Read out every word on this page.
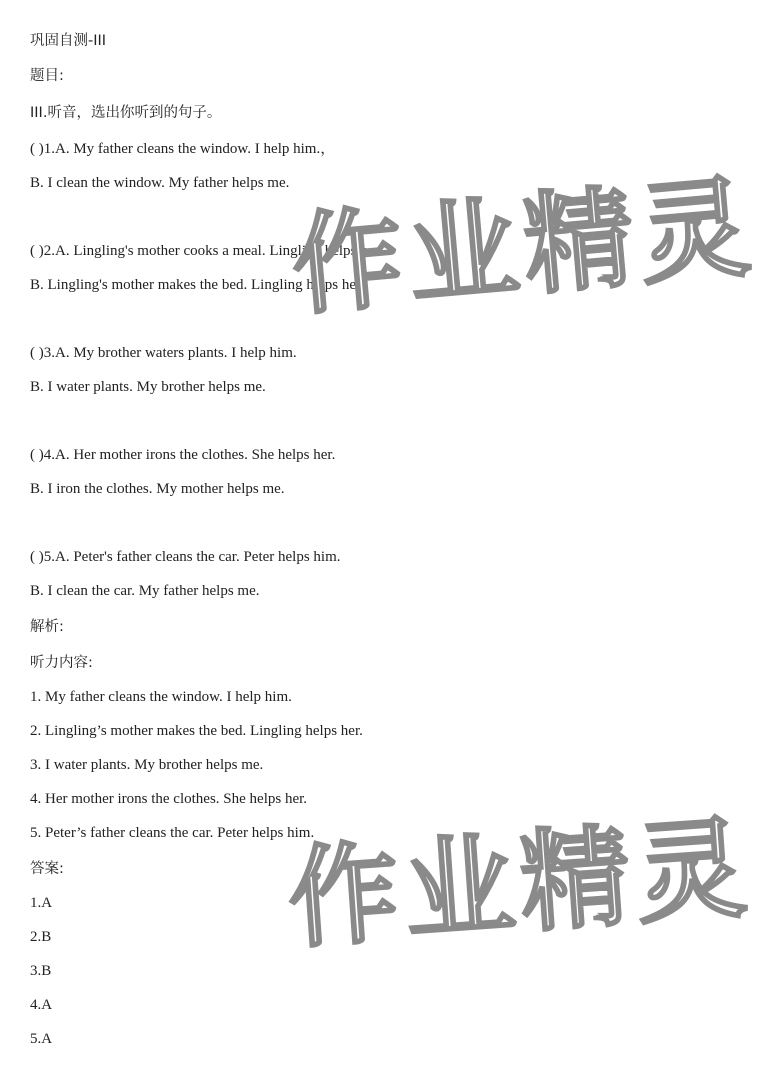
巩固自测-III
题目:
III.听音，选出你听到的句子。
( )1.A. My father cleans the window. I help him.，
B. I clean the window. My father helps me.
( )2.A. Lingling's mother cooks a meal. Lingling helps her.
B. Lingling's mother makes the bed. Lingling helps her.
( )3.A. My brother waters plants. I help him.
B. I water plants. My brother helps me.
( )4.A. Her mother irons the clothes. She helps her.
B. I iron the clothes. My mother helps me.
( )5.A. Peter's father cleans the car. Peter helps him.
B. I clean the car. My father helps me.
解析:
听力内容:
1. My father cleans the window. I help him.
2. Lingling’s mother makes the bed. Lingling helps her.
3. I water plants. My brother helps me.
4. Her mother irons the clothes. She helps her.
5. Peter’s father cleans the car. Peter helps him.
答案:
1.A
2.B
3.B
4.A
5.A
作业精灵
作业精灵
